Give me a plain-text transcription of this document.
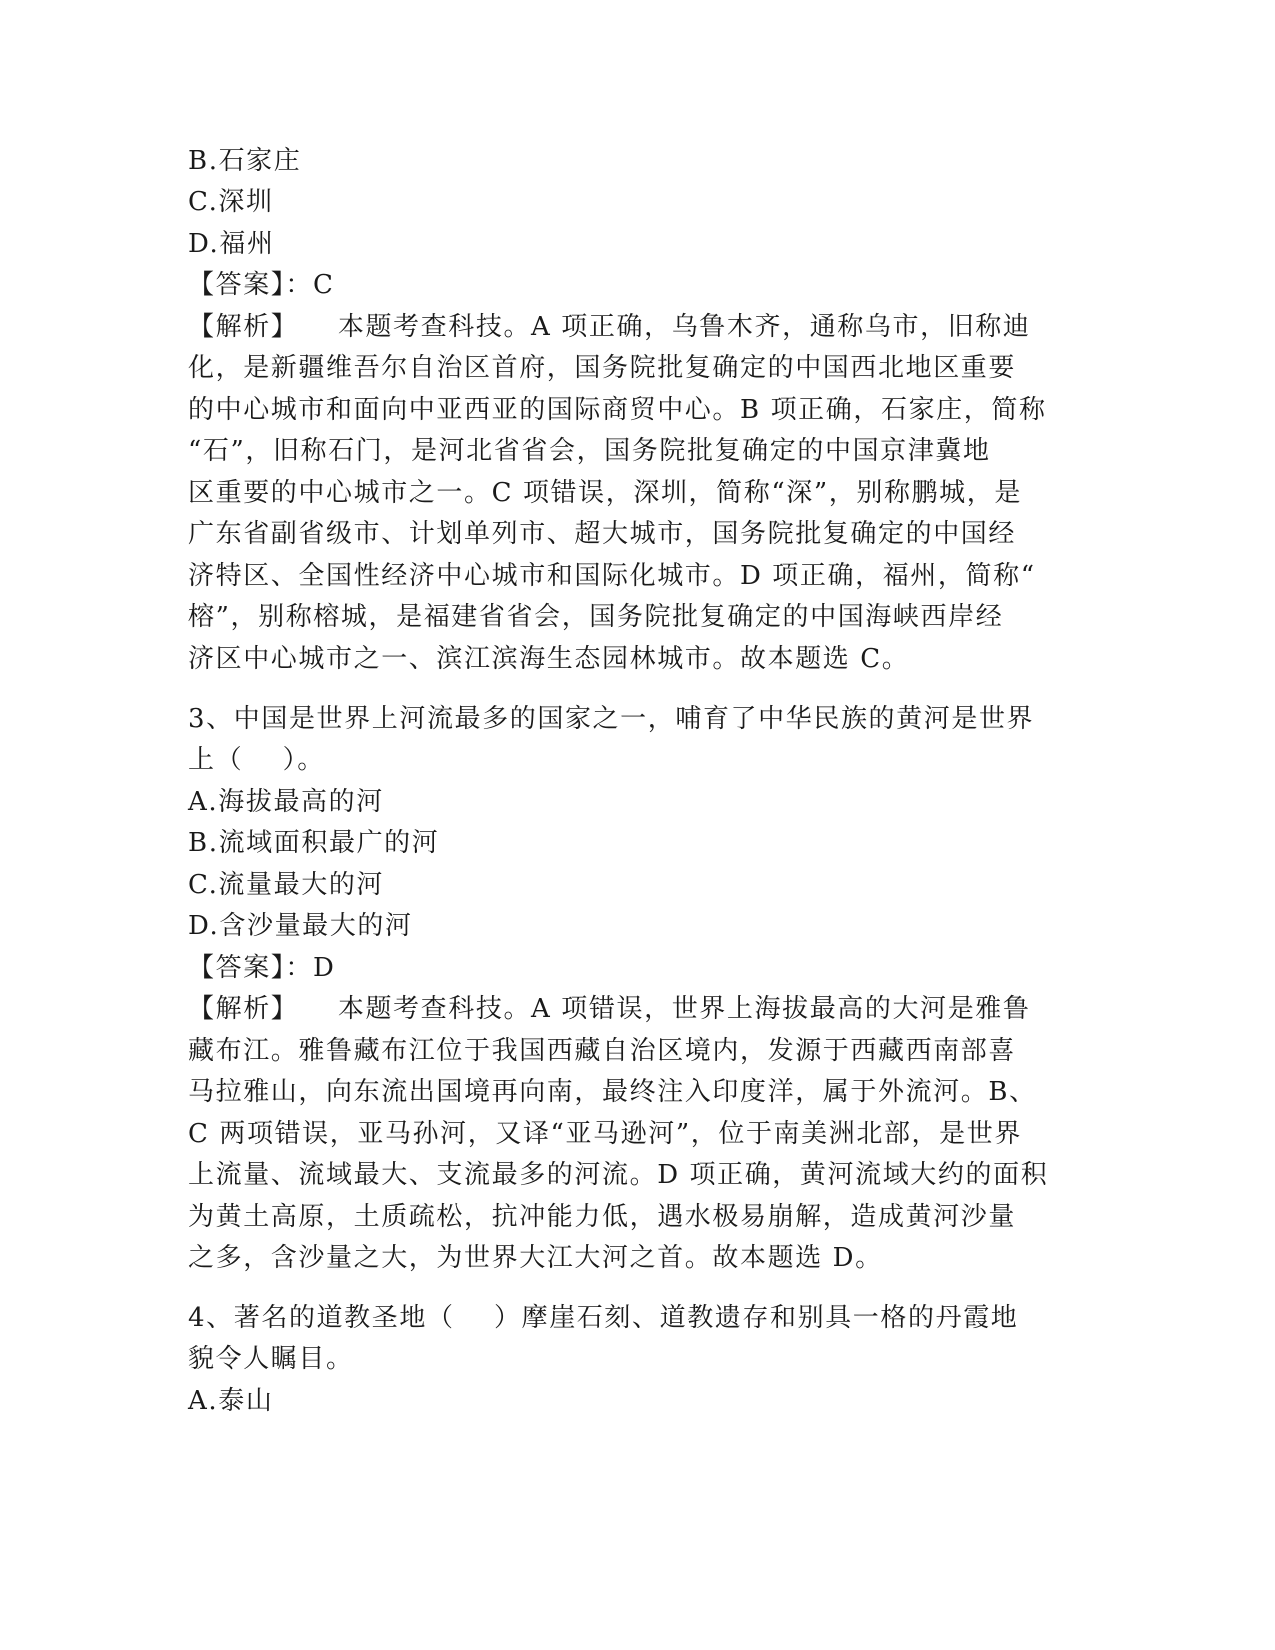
B.石家庄
C.深圳
D.福州
【答案】：C
【解析】    本题考查科技。A 项正确，乌鲁木齐，通称乌市，旧称迪
化，是新疆维吾尔自治区首府，国务院批复确定的中国西北地区重要
的中心城市和面向中亚西亚的国际商贸中心。B 项正确，石家庄，简称
“石”，旧称石门，是河北省省会，国务院批复确定的中国京津冀地
区重要的中心城市之一。C 项错误，深圳，简称“深”，别称鹏城，是
广东省副省级市、计划单列市、超大城市，国务院批复确定的中国经
济特区、全国性经济中心城市和国际化城市。D 项正确，福州，简称“
榕”，别称榕城，是福建省省会，国务院批复确定的中国海峡西岸经
济区中心城市之一、滨江滨海生态园林城市。故本题选 C。
3、中国是世界上河流最多的国家之一，哺育了中华民族的黄河是世界
上（    ）。
A.海拔最高的河
B.流域面积最广的河
C.流量最大的河
D.含沙量最大的河
【答案】：D
【解析】    本题考查科技。A 项错误，世界上海拔最高的大河是雅鲁
藏布江。雅鲁藏布江位于我国西藏自治区境内，发源于西藏西南部喜
马拉雅山，向东流出国境再向南，最终注入印度洋，属于外流河。B、
C 两项错误，亚马孙河，又译“亚马逊河”，位于南美洲北部，是世界
上流量、流域最大、支流最多的河流。D 项正确，黄河流域大约的面积
为黄土高原，土质疏松，抗冲能力低，遇水极易崩解，造成黄河沙量
之多，含沙量之大，为世界大江大河之首。故本题选 D。
4、著名的道教圣地（    ）摩崖石刻、道教遗存和别具一格的丹霞地
貌令人瞩目。
A.泰山
